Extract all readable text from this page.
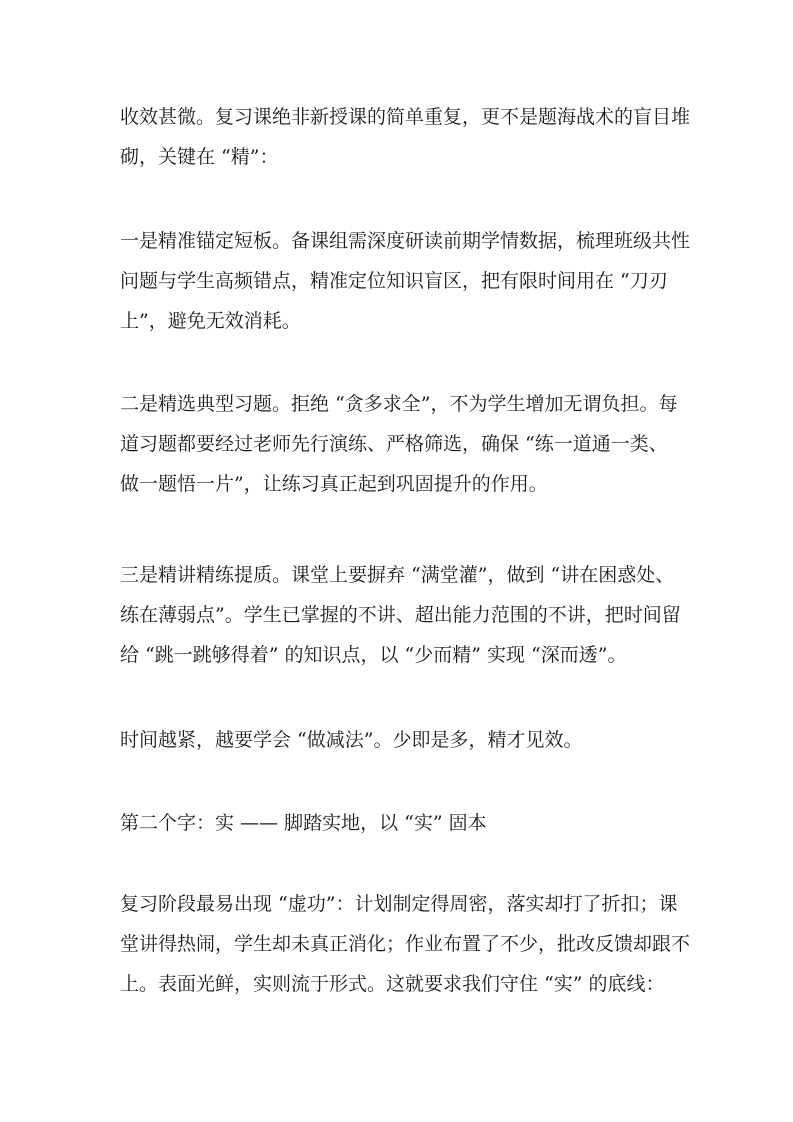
收效甚微。复习课绝非新授课的简单重复，更不是题海战术的盲目堆
砌，关键在 “精”：

一是精准锚定短板。备课组需深度研读前期学情数据，梳理班级共性
问题与学生高频错点，精准定位知识盲区，把有限时间用在 “刀刃
上”，避免无效消耗。

二是精选典型习题。拒绝 “贪多求全”，不为学生增加无谓负担。每
道习题都要经过老师先行演练、严格筛选，确保 “练一道通一类、
做一题悟一片”，让练习真正起到巩固提升的作用。

三是精讲精练提质。课堂上要摒弃 “满堂灌”，做到 “讲在困惑处、
练在薄弱点”。学生已掌握的不讲、超出能力范围的不讲，把时间留
给 “跳一跳够得着” 的知识点，以 “少而精” 实现 “深而透”。

时间越紧，越要学会 “做减法”。少即是多，精才见效。

第二个字：实 —— 脚踏实地，以 “实” 固本

复习阶段最易出现 “虚功”：计划制定得周密，落实却打了折扣；课
堂讲得热闹，学生却未真正消化；作业布置了不少，批改反馈却跟不
上。表面光鲜，实则流于形式。这就要求我们守住 “实” 的底线：
